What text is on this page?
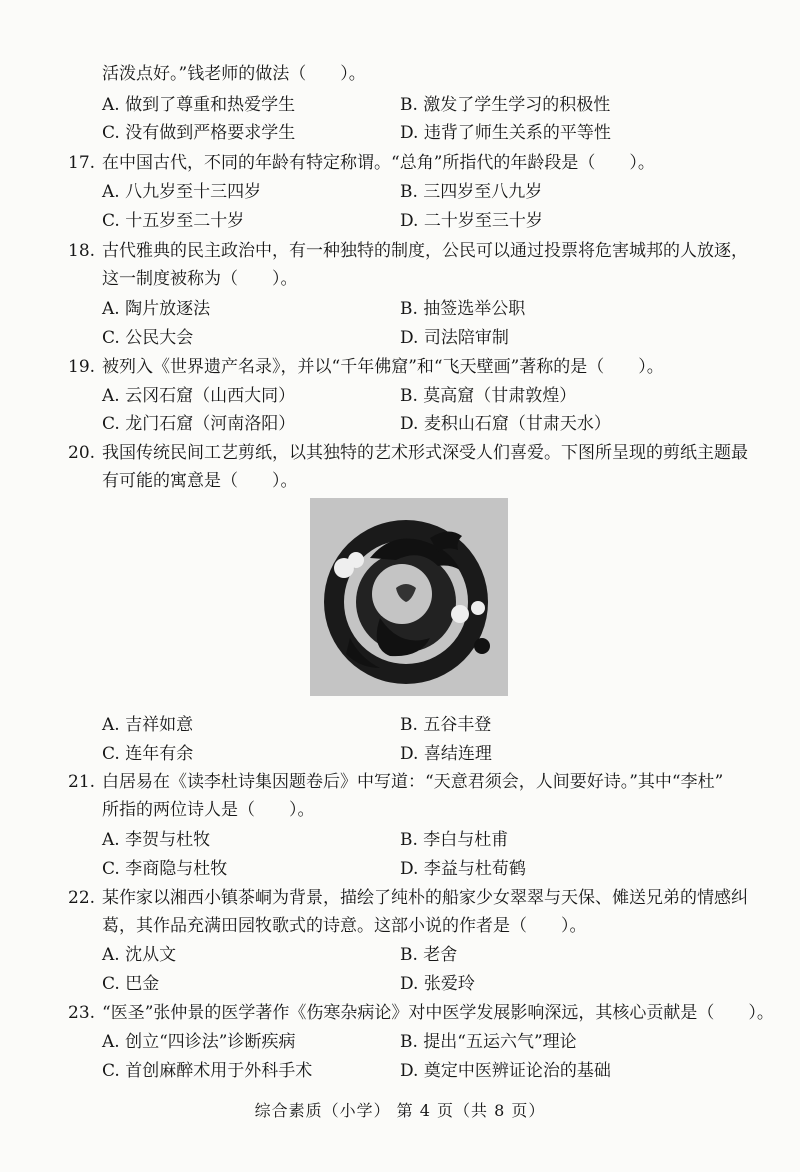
活泼点好。”钱老师的做法（　　）。
A. 做到了尊重和热爱学生	B. 激发了学生学习的积极性
C. 没有做到严格要求学生	D. 违背了师生关系的平等性
17. 在中国古代，不同的年龄有特定称谓。“总角”所指代的年龄段是（　　）。
A. 八九岁至十三四岁	B. 三四岁至八九岁
C. 十五岁至二十岁	D. 二十岁至三十岁
18. 古代雅典的民主政治中，有一种独特的制度，公民可以通过投票将危害城邦的人放逐，
这一制度被称为（　　）。
A. 陶片放逐法	B. 抽签选举公职
C. 公民大会	D. 司法陪审制
19. 被列入《世界遗产名录》，并以“千年佛窟”和“飞天壁画”著称的是（　　）。
A. 云冈石窟（山西大同）	B. 莫高窟（甘肃敦煌）
C. 龙门石窟（河南洛阳）	D. 麦积山石窟（甘肃天水）
20. 我国传统民间工艺剪纸，以其独特的艺术形式深受人们喜爱。下图所呈现的剪纸主题最
有可能的寓意是（　　）。
A. 吉祥如意	B. 五谷丰登
C. 连年有余	D. 喜结连理
21. 白居易在《读李杜诗集因题卷后》中写道：“天意君须会，人间要好诗。”其中“李杜”
所指的两位诗人是（　　）。
A. 李贺与杜牧	B. 李白与杜甫
C. 李商隐与杜牧	D. 李益与杜荀鹤
22. 某作家以湘西小镇茶峒为背景，描绘了纯朴的船家少女翠翠与天保、傩送兄弟的情感纠
葛，其作品充满田园牧歌式的诗意。这部小说的作者是（　　）。
A. 沈从文	B. 老舍
C. 巴金	D. 张爱玲
23. “医圣”张仲景的医学著作《伤寒杂病论》对中医学发展影响深远，其核心贡献是（　　）。
A. 创立“四诊法”诊断疾病	B. 提出“五运六气”理论
C. 首创麻醉术用于外科手术	D. 奠定中医辨证论治的基础
综合素质（小学） 第 4 页（共 8 页）
